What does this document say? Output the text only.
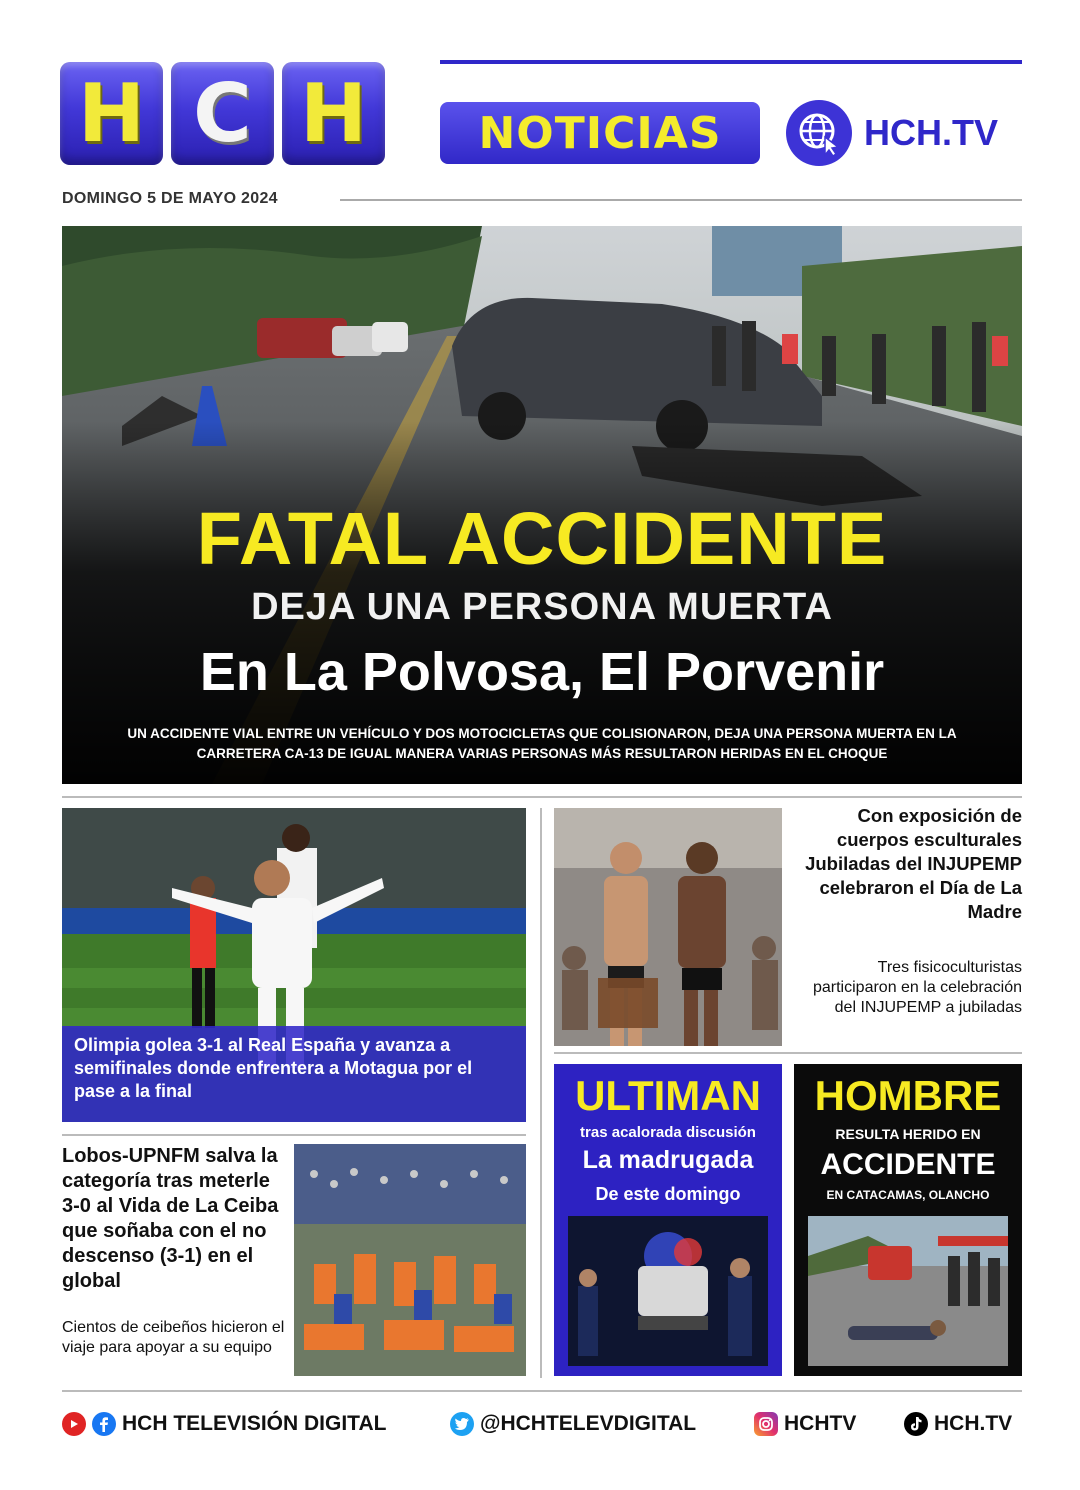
H C H	NOTICIAS	HCH.TV
DOMINGO 5 DE MAYO 2024
FATAL ACCIDENTE
DEJA UNA PERSONA MUERTA
En La Polvosa, El Porvenir
UN ACCIDENTE VIAL ENTRE UN VEHÍCULO Y DOS MOTOCICLETAS QUE COLISIONARON, DEJA UNA PERSONA MUERTA EN LA CARRETERA CA-13 DE IGUAL MANERA VARIAS PERSONAS MÁS RESULTARON HERIDAS EN EL CHOQUE
Olimpia golea 3-1 al Real España y avanza a semifinales donde enfrentera a Motagua por el pase a la final
Lobos-UPNFM salva la categoría tras meterle 3-0 al Vida de La Ceiba que soñaba con el no descenso (3-1) en el global
Cientos de ceibeños hicieron el viaje para apoyar a su equipo
Con exposición de cuerpos esculturales Jubiladas del INJUPEMP celebraron el Día de La Madre
Tres fisicoculturistas participaron en la celebración del INJUPEMP a jubiladas
ULTIMAN
tras acalorada discusión
La madrugada
De este domingo
HOMBRE
RESULTA HERIDO EN
ACCIDENTE
EN CATACAMAS, OLANCHO
HCH TELEVISIÓN DIGITAL	@HCHTELEVDIGITAL	HCHTV	HCH.TV
